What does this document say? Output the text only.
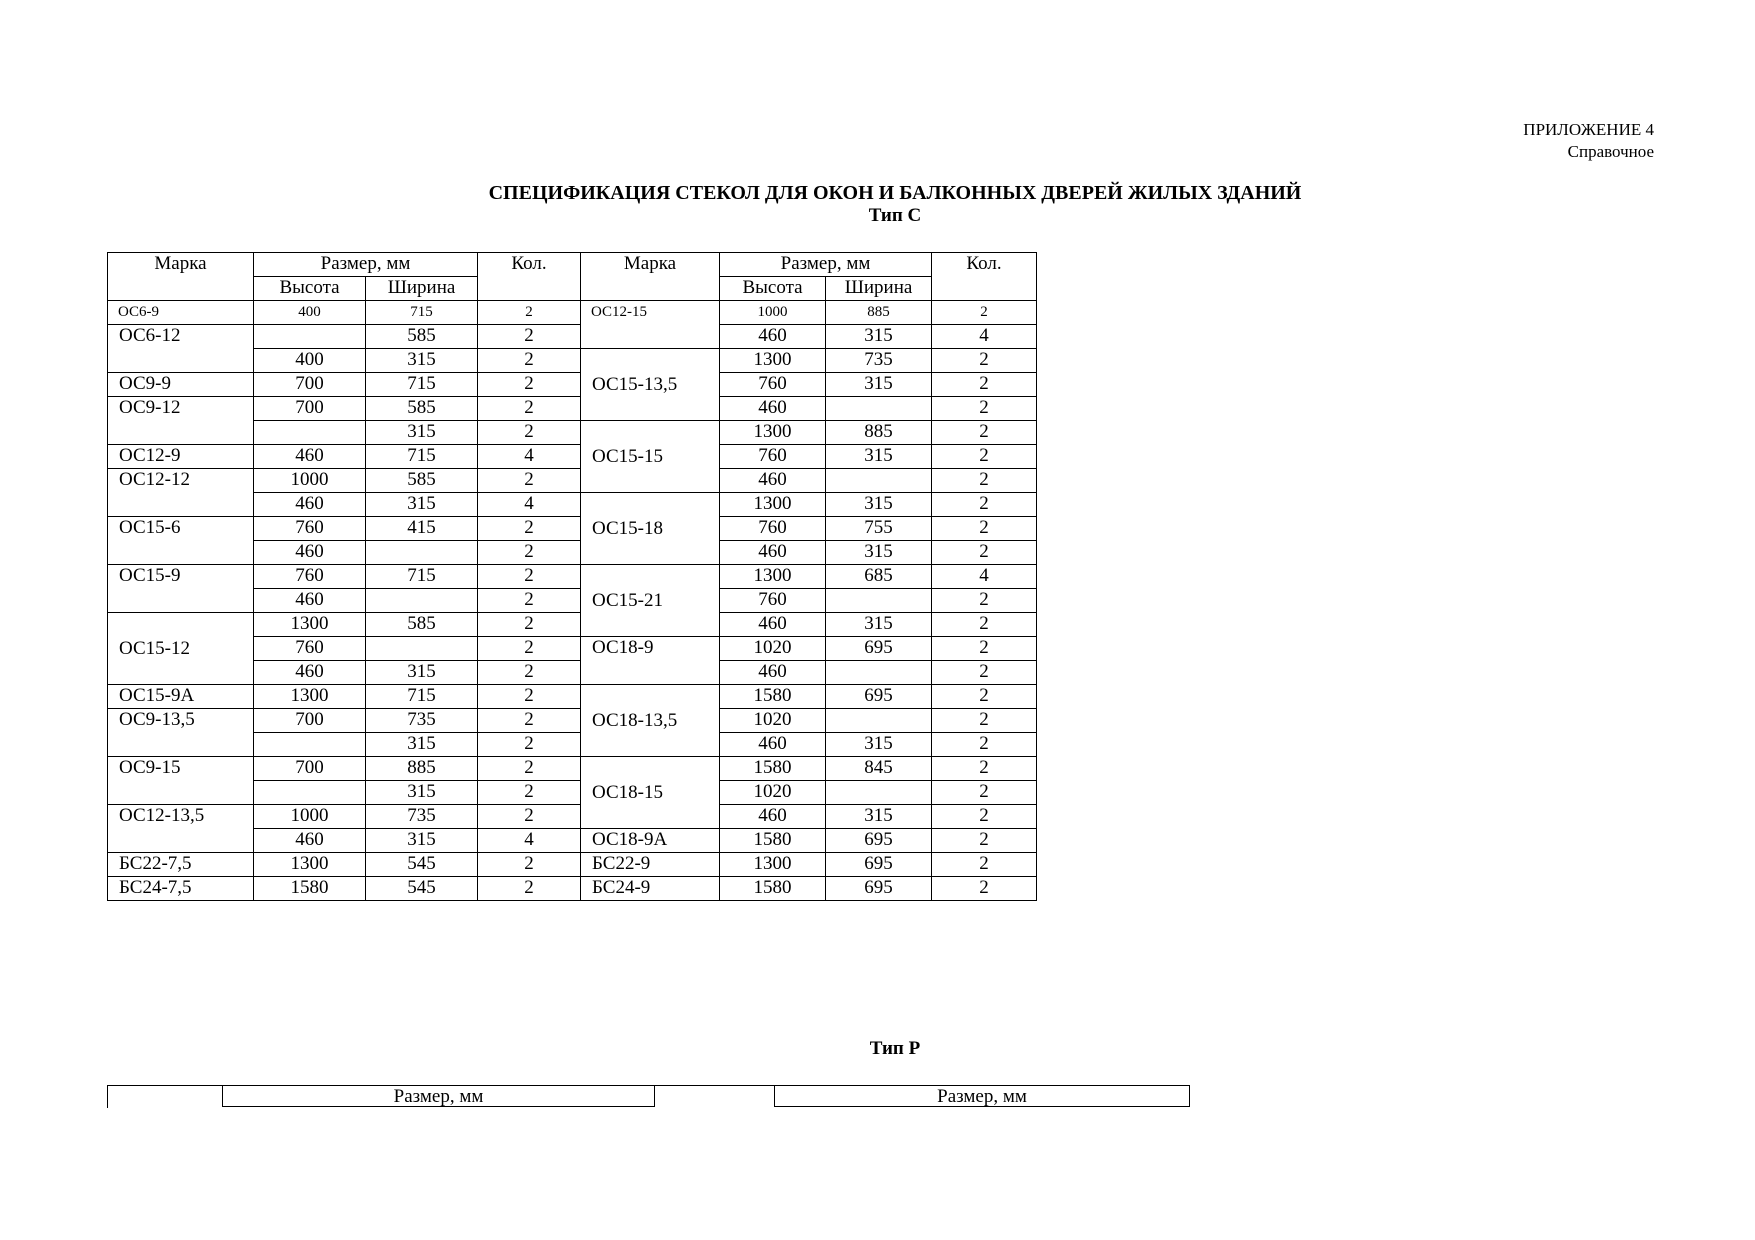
ПРИЛОЖЕНИЕ 4
Справочное
СПЕЦИФИКАЦИЯ СТЕКОЛ ДЛЯ ОКОН И БАЛКОННЫХ ДВЕРЕЙ ЖИЛЫХ ЗДАНИЙ
Тип С
Марка	Размер, мм		Кол.	Марка	Размер, мм		Кол.
	Высота	Ширина			Высота	Ширина	
ОС6-9	400	715	2	ОС12-15	1000	885	2
ОС6-12		585	2		460	315	4
	400	315	2	ОС15-13,5	1300	735	2
ОС9-9	700	715	2		760	315	2
ОС9-12	700	585	2		460		2
		315	2	ОС15-15	1300	885	2
ОС12-9	460	715	4		760	315	2
ОС12-12	1000	585	2		460		2
	460	315	4	ОС15-18	1300	315	2
ОС15-6	760	415	2		760	755	2
	460		2		460	315	2
ОС15-9	760	715	2	ОС15-21	1300	685	4
	460		2		760		2
ОС15-12	1300	585	2		460	315	2
	760		2	ОС18-9	1020	695	2
	460	315	2		460		2
ОС15-9А	1300	715	2	ОС18-13,5	1580	695	2
ОС9-13,5	700	735	2		1020		2
		315	2		460	315	2
ОС9-15	700	885	2	ОС18-15	1580	845	2
		315	2		1020		2
ОС12-13,5	1000	735	2		460	315	2
	460	315	4	ОС18-9А	1580	695	2
БС22-7,5	1300	545	2	БС22-9	1300	695	2
БС24-7,5	1580	545	2	БС24-9	1580	695	2
Тип Р
Размер, мм	Размер, мм
